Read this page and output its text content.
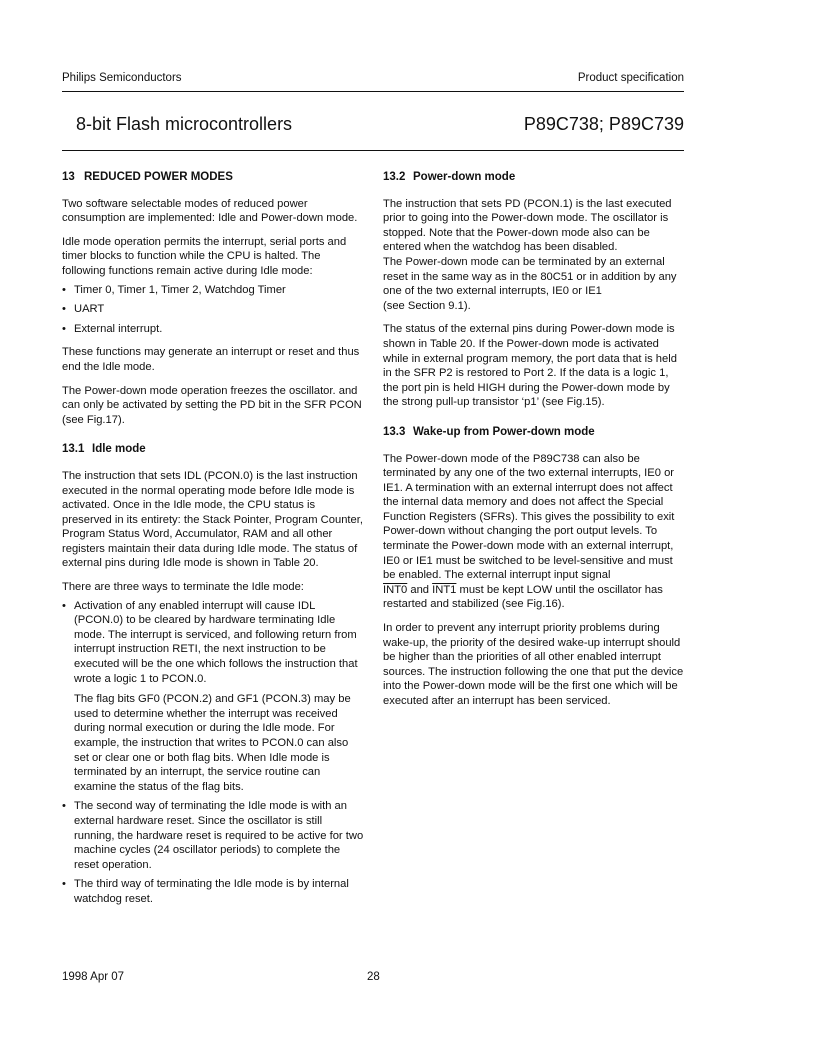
Philips Semiconductors	Product specification
8-bit Flash microcontrollers	P89C738; P89C739
13 REDUCED POWER MODES

Two software selectable modes of reduced power consumption are implemented: Idle and Power-down mode.

Idle mode operation permits the interrupt, serial ports and timer blocks to function while the CPU is halted. The following functions remain active during Idle mode:

• Timer 0, Timer 1, Timer 2, Watchdog Timer
• UART
• External interrupt.

These functions may generate an interrupt or reset and thus end the Idle mode.

The Power-down mode operation freezes the oscillator. and can only be activated by setting the PD bit in the SFR PCON (see Fig.17).

13.1 Idle mode

The instruction that sets IDL (PCON.0) is the last instruction executed in the normal operating mode before Idle mode is activated. Once in the Idle mode, the CPU status is preserved in its entirety: the Stack Pointer, Program Counter, Program Status Word, Accumulator, RAM and all other registers maintain their data during Idle mode. The status of external pins during Idle mode is shown in Table 20.

There are three ways to terminate the Idle mode:

• Activation of any enabled interrupt will cause IDL (PCON.0) to be cleared by hardware terminating Idle mode. The interrupt is serviced, and following return from interrupt instruction RETI, the next instruction to be executed will be the one which follows the instruction that wrote a logic 1 to PCON.0.

The flag bits GF0 (PCON.2) and GF1 (PCON.3) may be used to determine whether the interrupt was received during normal execution or during the Idle mode. For example, the instruction that writes to PCON.0 can also set or clear one or both flag bits. When Idle mode is terminated by an interrupt, the service routine can examine the status of the flag bits.

• The second way of terminating the Idle mode is with an external hardware reset. Since the oscillator is still running, the hardware reset is required to be active for two machine cycles (24 oscillator periods) to complete the reset operation.
• The third way of terminating the Idle mode is by internal watchdog reset.
13.2 Power-down mode

The instruction that sets PD (PCON.1) is the last executed prior to going into the Power-down mode. The oscillator is stopped. Note that the Power-down mode also can be entered when the watchdog has been disabled.
The Power-down mode can be terminated by an external reset in the same way as in the 80C51 or in addition by any one of the two external interrupts, IE0 or IE1
(see Section 9.1).

The status of the external pins during Power-down mode is shown in Table 20. If the Power-down mode is activated while in external program memory, the port data that is held in the SFR P2 is restored to Port 2. If the data is a logic 1, the port pin is held HIGH during the Power-down mode by the strong pull-up transistor ‘p1’ (see Fig.15).

13.3 Wake-up from Power-down mode

The Power-down mode of the P89C738 can also be terminated by any one of the two external interrupts, IE0 or IE1. A termination with an external interrupt does not affect the internal data memory and does not affect the Special Function Registers (SFRs). This gives the possibility to exit Power-down without changing the port output levels. To terminate the Power-down mode with an external interrupt, IE0 or IE1 must be switched to be level-sensitive and must be enabled. The external interrupt input signal
INT0 and INT1 must be kept LOW until the oscillator has restarted and stabilized (see Fig.16).

In order to prevent any interrupt priority problems during wake-up, the priority of the desired wake-up interrupt should be higher than the priorities of all other enabled interrupt sources. The instruction following the one that put the device into the Power-down mode will be the first one which will be executed after an interrupt has been serviced.

1998 Apr 07	28
